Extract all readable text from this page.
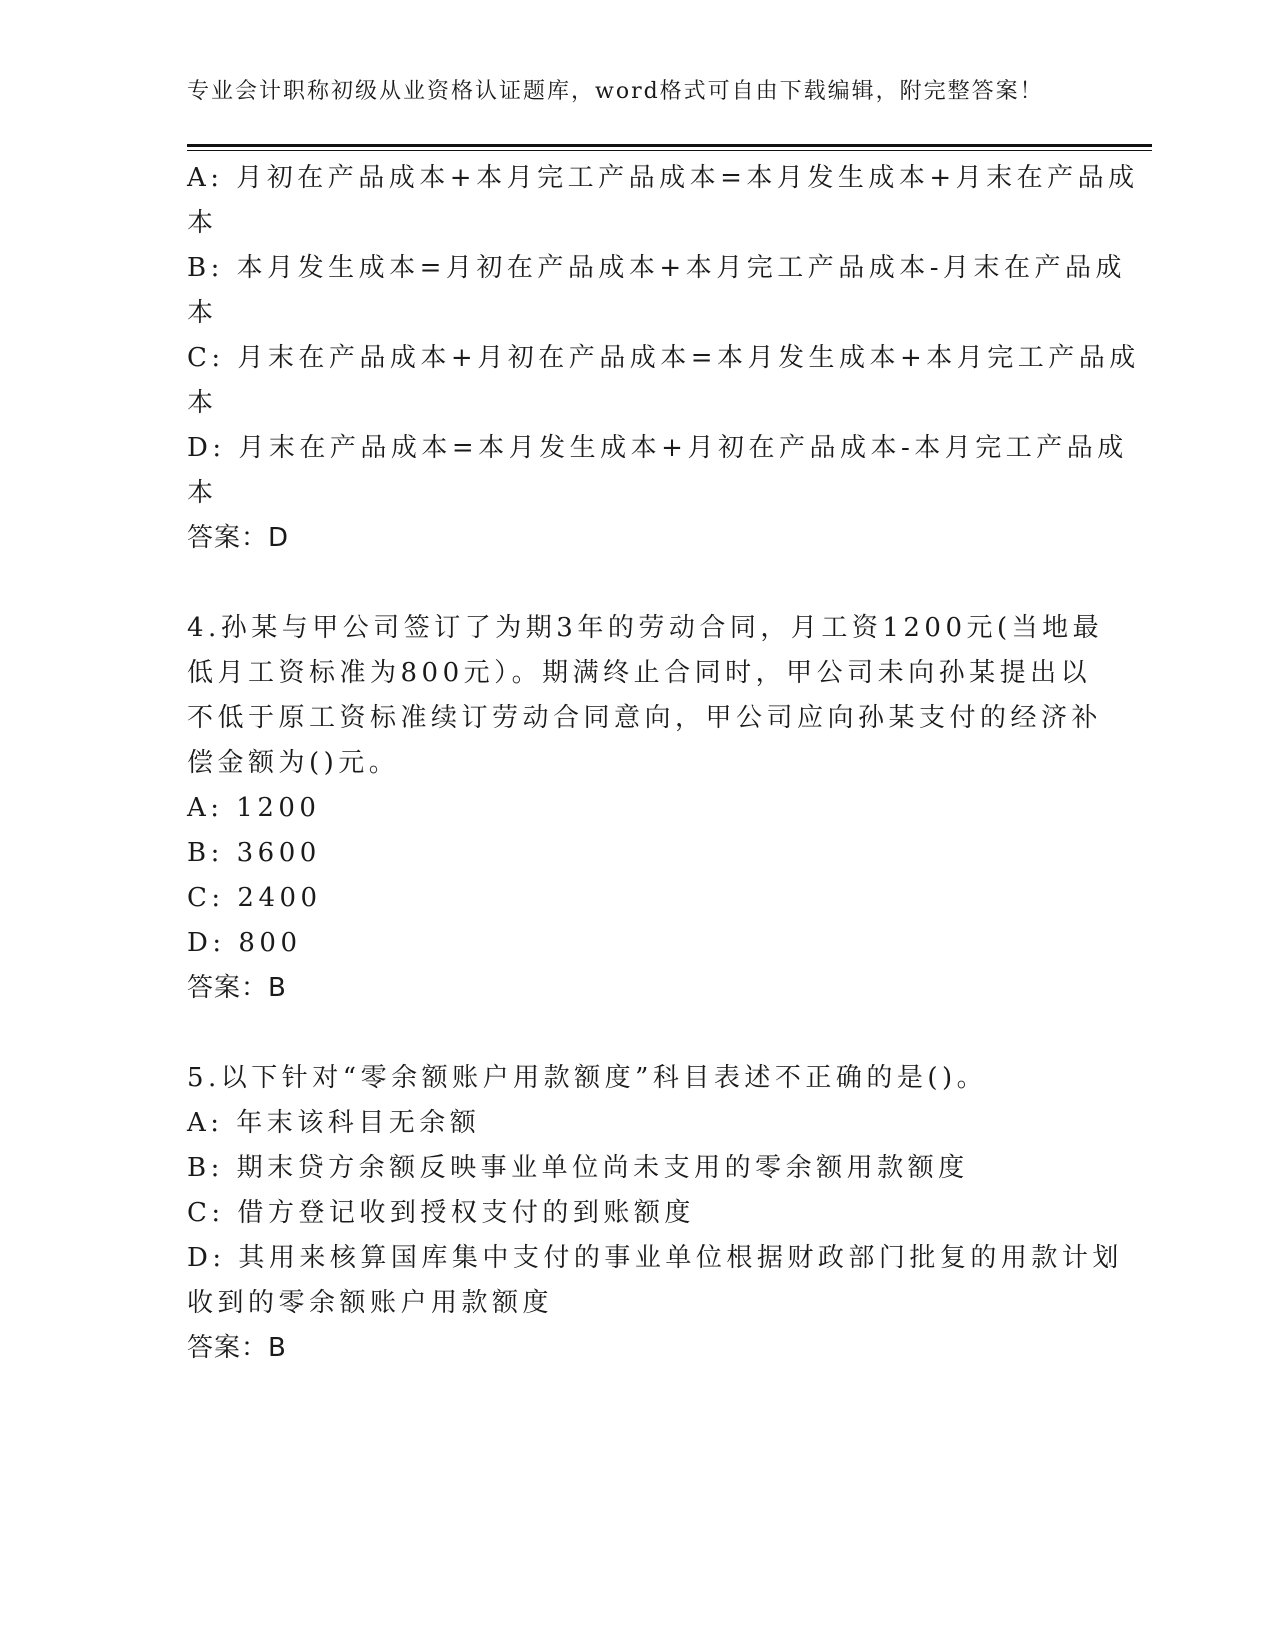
专业会计职称初级从业资格认证题库，word格式可自由下载编辑，附完整答案！
A: 月初在产品成本+本月完工产品成本=本月发生成本+月末在产品成
本
B: 本月发生成本=月初在产品成本+本月完工产品成本-月末在产品成
本
C: 月末在产品成本+月初在产品成本=本月发生成本+本月完工产品成
本
D: 月末在产品成本=本月发生成本+月初在产品成本-本月完工产品成
本
答案：D
4.孙某与甲公司签订了为期3年的劳动合同，月工资1200元(当地最
低月工资标准为800元）。期满终止合同时，甲公司未向孙某提出以
不低于原工资标准续订劳动合同意向，甲公司应向孙某支付的经济补
偿金额为()元。
A: 1200
B: 3600
C: 2400
D: 800
答案：B
5.以下针对“零余额账户用款额度”科目表述不正确的是()。
A: 年末该科目无余额
B: 期末贷方余额反映事业单位尚未支用的零余额用款额度
C: 借方登记收到授权支付的到账额度
D: 其用来核算国库集中支付的事业单位根据财政部门批复的用款计划
收到的零余额账户用款额度
答案：B
